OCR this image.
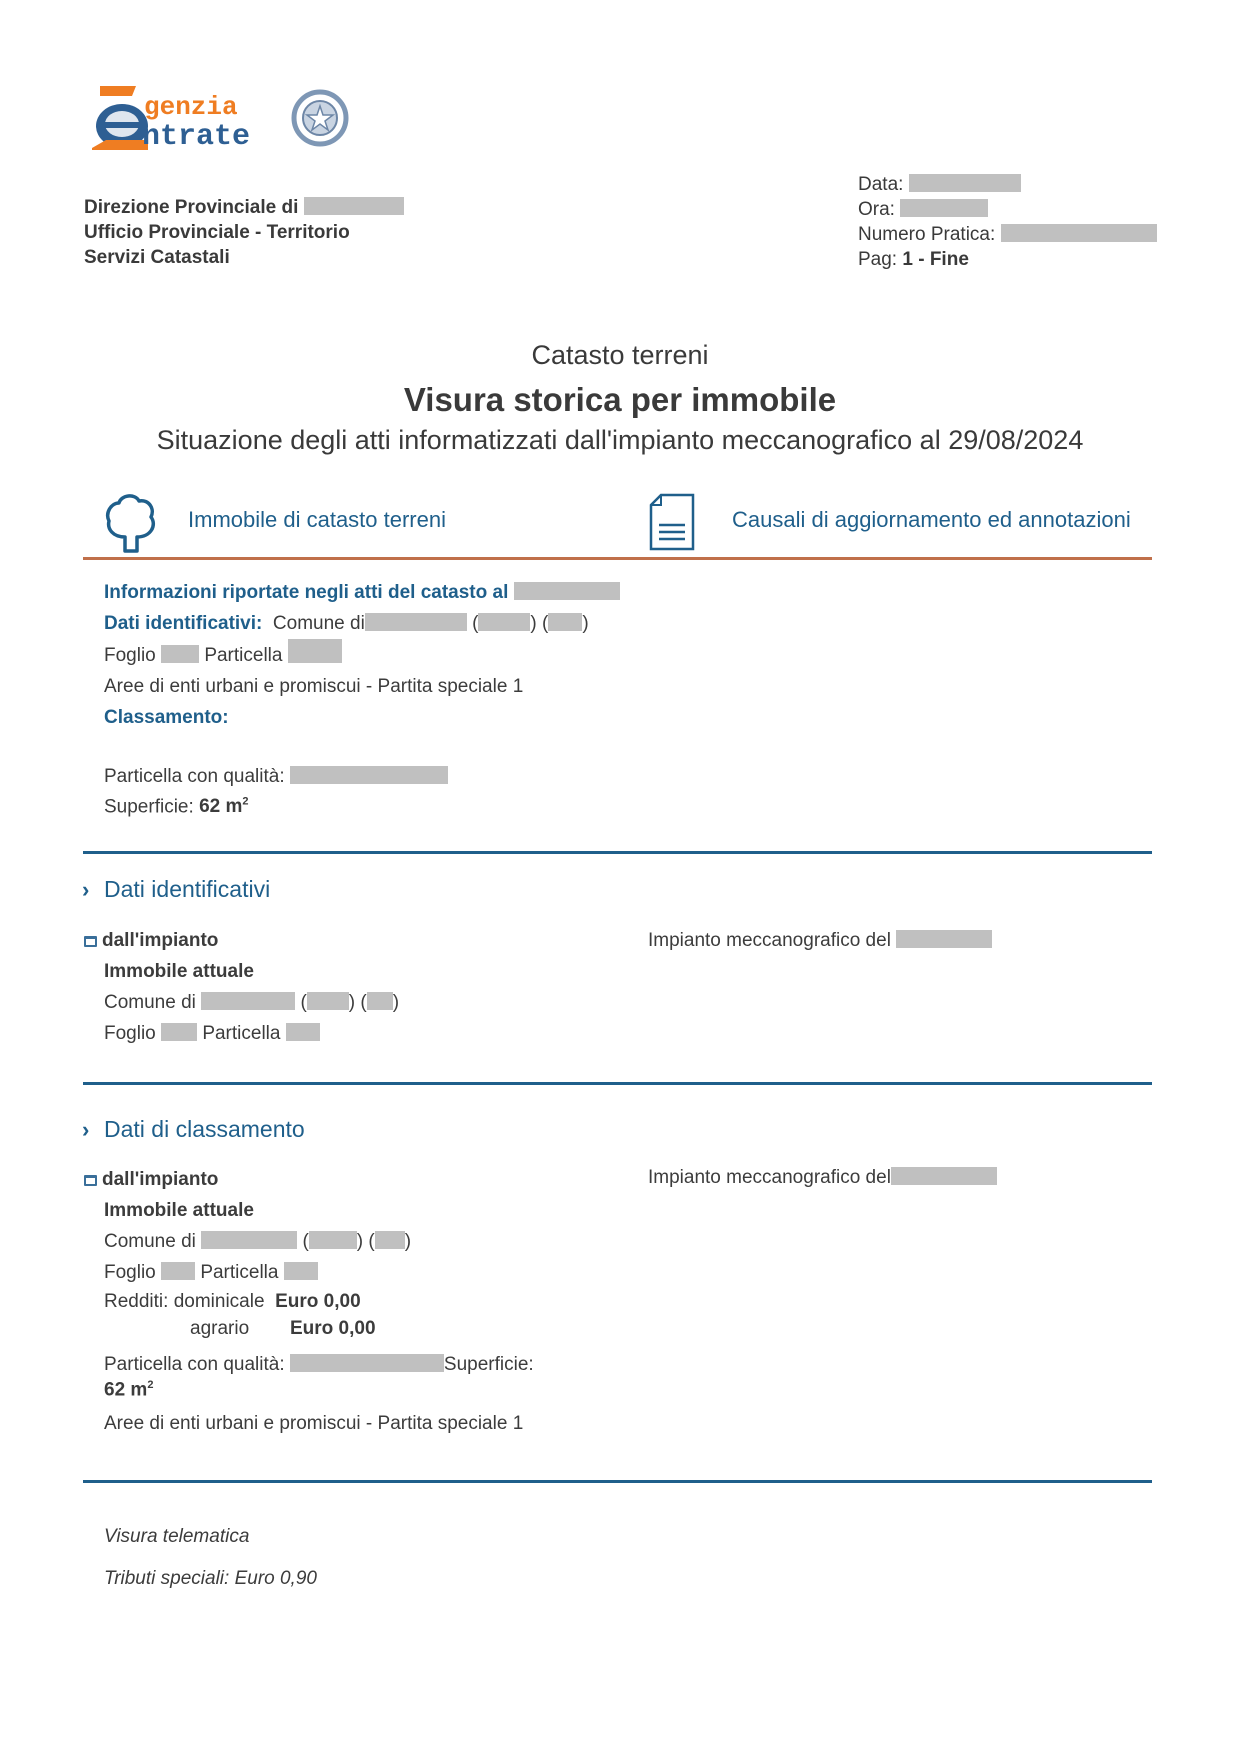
genzia
ntrate
Direzione Provinciale di
Ufficio Provinciale - Territorio
Servizi Catastali
Data:
Ora:
Numero Pratica:
Pag: 1 - Fine
Catasto terreni
Visura storica per immobile
Situazione degli atti informatizzati dall'impianto meccanografico al 29/08/2024
Immobile di catasto terreni	Causali di aggiornamento ed annotazioni
Informazioni riportate negli atti del catasto al
Dati identificativi: Comune di	(	) ( )
Foglio	Particella
Aree di enti urbani e promiscui - Partita speciale 1
Classamento:
Particella con qualità:
Superficie: 62 $m^2$
› Dati identificativi
dall'impianto
Immobile attuale
Comune di	( ) ( )
Foglio Particella
Impianto meccanografico del
› Dati di classamento
dall'impianto
Immobile attuale
Comune di	(	) ( )
Foglio Particella
Redditi: dominicale Euro 0,00
agrario Euro 0,00
Particella con qualità:	Superficie:
62 $m^2$
Aree di enti urbani e promiscui - Partita speciale 1
Impianto meccanografico del
Visura telematica
Tributi speciali: Euro 0,90
